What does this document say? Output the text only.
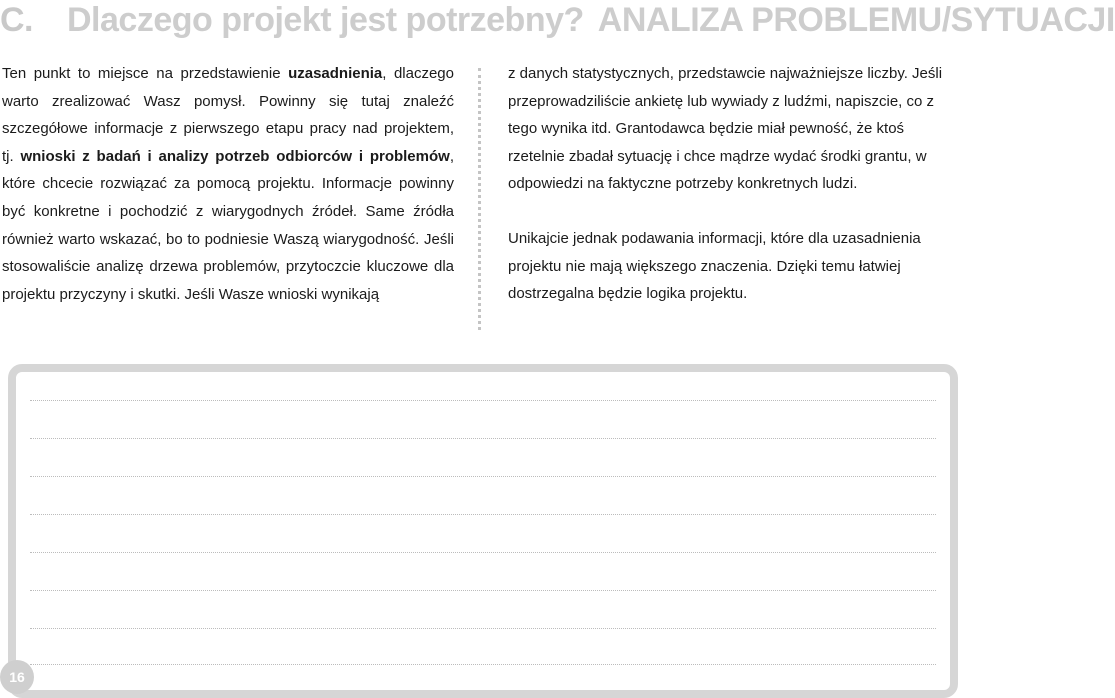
C. Dlaczego projekt jest potrzebny? ANALIZA PROBLEMU/SYTUACJI

Ten punkt to miejsce na przedstawienie uzasadnienia, dlaczego warto zrealizować Wasz pomysł. Powinny się tutaj znaleźć szczegółowe informacje z pierwszego etapu pracy nad projektem, tj. wnioski z badań i analizy potrzeb odbiorców i problemów, które chcecie rozwiązać za pomocą projektu. Informacje powinny być konkretne i pochodzić z wiarygodnych źródeł. Same źródła również warto wskazać, bo to podniesie Waszą wiarygodność. Jeśli stosowaliście analizę drzewa problemów, przytoczcie kluczowe dla projektu przyczyny i skutki. Jeśli Wasze wnioski wynikają

z danych statystycznych, przedstawcie najważniejsze liczby. Jeśli przeprowadziliście ankietę lub wywiady z ludźmi, napiszcie, co z tego wynika itd. Grantodawca będzie miał pewność, że ktoś rzetelnie zbadał sytuację i chce mądrze wydać środki grantu, w odpowiedzi na faktyczne potrzeby konkretnych ludzi.

Unikajcie jednak podawania informacji, które dla uzasadnienia projektu nie mają większego znaczenia. Dzięki temu łatwiej dostrzegalna będzie logika projektu.

16
